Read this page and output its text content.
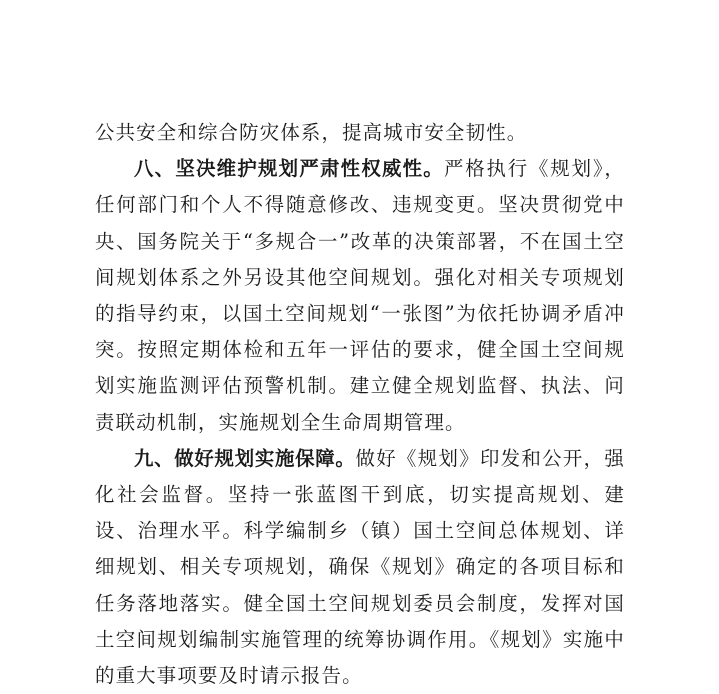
公共安全和综合防灾体系，提高城市安全韧性。

八、坚决维护规划严肃性权威性。严格执行《规划》，任何部门和个人不得随意修改、违规变更。坚决贯彻党中央、国务院关于“多规合一”改革的决策部署，不在国土空间规划体系之外另设其他空间规划。强化对相关专项规划的指导约束，以国土空间规划“一张图”为依托协调矛盾冲突。按照定期体检和五年一评估的要求，健全国土空间规划实施监测评估预警机制。建立健全规划监督、执法、问责联动机制，实施规划全生命周期管理。

九、做好规划实施保障。做好《规划》印发和公开，强化社会监督。坚持一张蓝图干到底，切实提高规划、建设、治理水平。科学编制乡（镇）国土空间总体规划、详细规划、相关专项规划，确保《规划》确定的各项目标和任务落地落实。健全国土空间规划委员会制度，发挥对国土空间规划编制实施管理的统筹协调作用。《规划》实施中的重大事项要及时请示报告。
